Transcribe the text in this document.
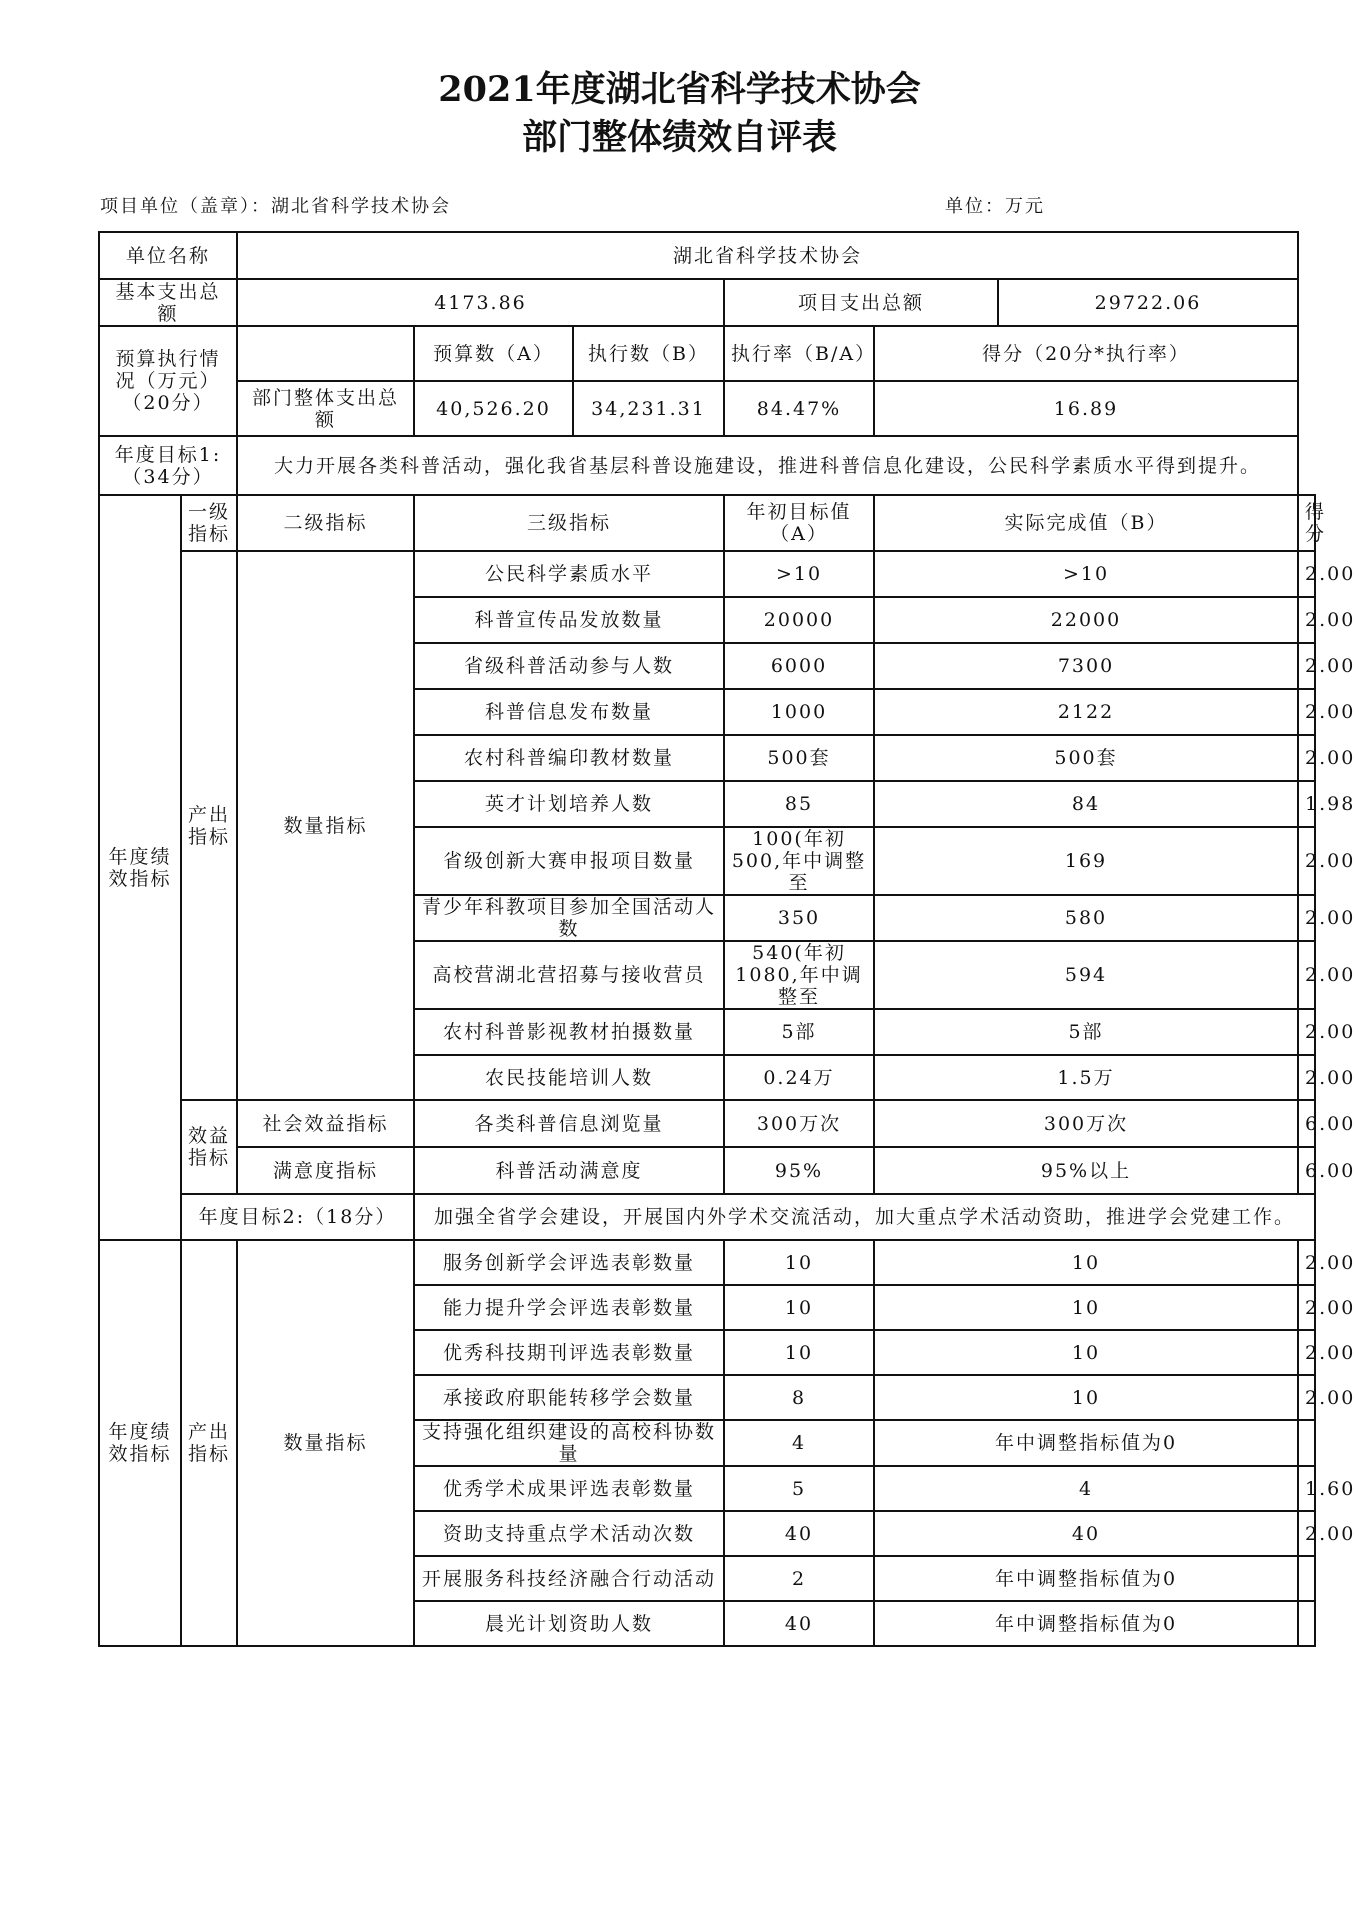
2021年度湖北省科学技术协会
部门整体绩效自评表
项目单位（盖章）：湖北省科学技术协会	单位：万元

单位名称		湖北省科学技术协会						
基本支出总额		4173.86			项目支出总额		29722.06	
预算执行情况（万元）（20分）			预算数（A）	执行数（B）	执行率（B/A）	得分（20分*执行率）		
		部门整体支出总额	40,526.20	34,231.31	84.47%	16.89		
年度目标1:（34分）		大力开展各类科普活动，强化我省基层科普设施建设，推进科普信息化建设，公民科学素质水平得到提升。						
年度绩效指标	一级指标	二级指标	三级指标		年初目标值（A）	实际完成值（B）		得分
	产出指标	数量指标	公民科学素质水平		>10	>10		2.00
			科普宣传品发放数量		20000	22000		2.00
			省级科普活动参与人数		6000	7300		2.00
			科普信息发布数量		1000	2122		2.00
			农村科普编印教材数量		500套	500套		2.00
			英才计划培养人数		85	84		1.98
			省级创新大赛申报项目数量		100(年初500,年中调整至	169		2.00
			青少年科教项目参加全国活动人数		350	580		2.00
			高校营湖北营招募与接收营员		540(年初1080,年中调整至	594		2.00
			农村科普影视教材拍摄数量		5部	5部		2.00
			农民技能培训人数		0.24万	1.5万		2.00
	效益指标	社会效益指标	各类科普信息浏览量		300万次	300万次		6.00
		满意度指标	科普活动满意度		95%	95%以上		6.00
	年度目标2:（18分）		加强全省学会建设，开展国内外学术交流活动，加大重点学术活动资助，推进学会党建工作。					
年度绩效指标	产出指标	数量指标	服务创新学会评选表彰数量		10	10		2.00
			能力提升学会评选表彰数量		10	10		2.00
			优秀科技期刊评选表彰数量		10	10		2.00
			承接政府职能转移学会数量		8	10		2.00
			支持强化组织建设的高校科协数量		4	年中调整指标值为0		
			优秀学术成果评选表彰数量		5	4		1.60
			资助支持重点学术活动次数		40	40		2.00
			开展服务科技经济融合行动活动		2	年中调整指标值为0		
			晨光计划资助人数		40	年中调整指标值为0		
